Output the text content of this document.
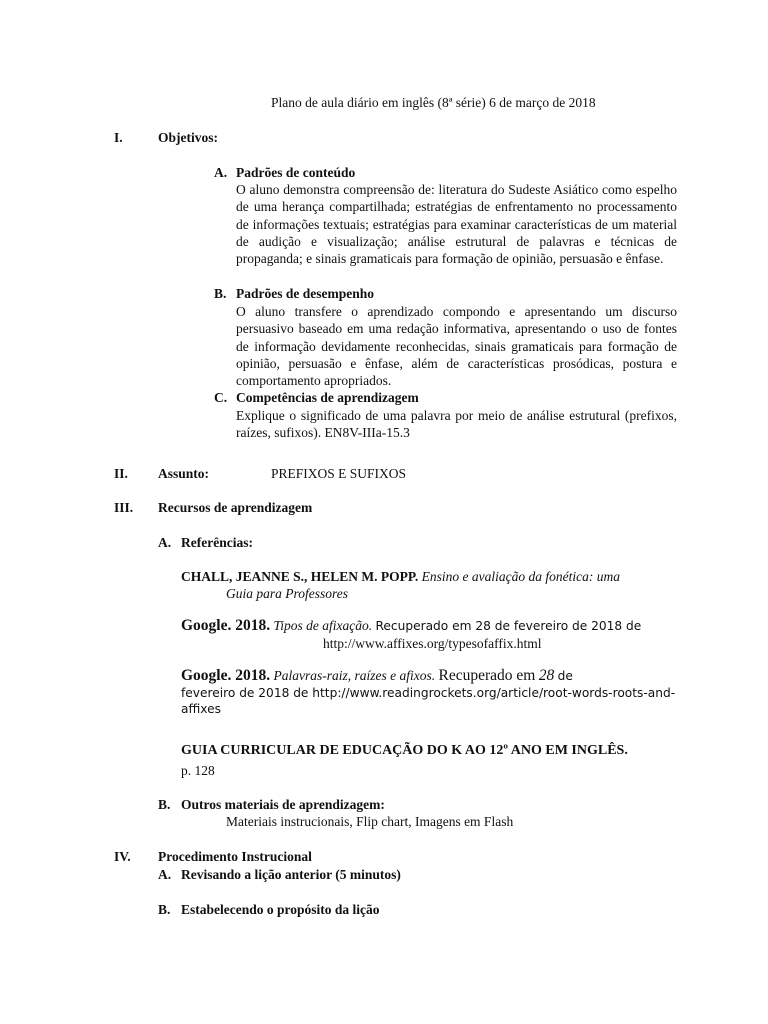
Plano de aula diário em inglês (8ª série) 6 de março de 2018
I.	Objetivos:
A. Padrões de conteúdo
O aluno demonstra compreensão de: literatura do Sudeste Asiático como espelho de uma herança compartilhada; estratégias de enfrentamento no processamento de informações textuais; estratégias para examinar características de um material de audição e visualização; análise estrutural de palavras e técnicas de propaganda; e sinais gramaticais para formação de opinião, persuasão e ênfase.
B. Padrões de desempenho
O aluno transfere o aprendizado compondo e apresentando um discurso persuasivo baseado em uma redação informativa, apresentando o uso de fontes de informação devidamente reconhecidas, sinais gramaticais para formação de opinião, persuasão e ênfase, além de características prosódicas, postura e comportamento apropriados.
C. Competências de aprendizagem
Explique o significado de uma palavra por meio de análise estrutural (prefixos, raízes, sufixos). EN8V-IIIa-15.3
II. Assunto:	PREFIXOS E SUFIXOS
III. Recursos de aprendizagem
A. Referências:
CHALL, JEANNE S., HELEN M. POPP. Ensino e avaliação da fonética: uma
Guia para Professores
Google. 2018. Tipos de afixação. Recuperado em 28 de fevereiro de 2018 de
http://www.affixes.org/typesofaffix.html
Google. 2018. Palavras-raiz, raízes e afixos. Recuperado em 28 de
fevereiro de 2018 de http://www.readingrockets.org/article/root-words-roots-and-
affixes
GUIA CURRICULAR DE EDUCAÇÃO DO K AO 12º ANO EM INGLÊS.
p. 128
B. Outros materiais de aprendizagem:
Materiais instrucionais, Flip chart, Imagens em Flash
IV. Procedimento Instrucional
A. Revisando a lição anterior (5 minutos)
B. Estabelecendo o propósito da lição
